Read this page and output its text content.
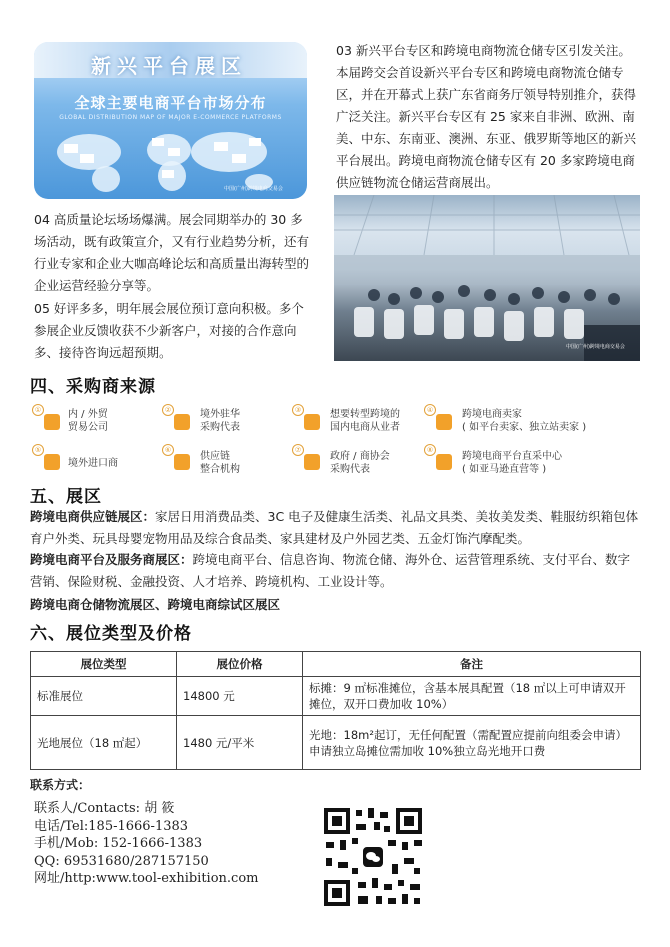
新兴平台展区
全球主要电商平台市场分布
GLOBAL DISTRIBUTION MAP OF MAJOR E-COMMERCE PLATFORMS
中国(广州)跨境电商交易会
03 新兴平台专区和跨境电商物流仓储专区引发关注。本届跨交会首设新兴平台专区和跨境电商物流仓储专区，并在开幕式上获广东省商务厅领导特别推介，获得广泛关注。新兴平台专区有 25 家来自非洲、欧洲、南美、中东、东南亚、澳洲、东亚、俄罗斯等地区的新兴平台展出。跨境电商物流仓储专区有 20 多家跨境电商供应链物流仓储运营商展出。
中国(广州)跨境电商交易会
04 高质量论坛场场爆满。展会同期举办的 30 多场活动，既有政策宣介，又有行业趋势分析，还有行业专家和企业大咖高峰论坛和高质量出海转型的企业运营经验分享等。
05 好评多多，明年展会展位预订意向积极。多个参展企业反馈收获不少新客户，对接的合作意向多、接待咨询远超预期。
四、采购商来源
①	内 / 外贸
贸易公司
②	境外驻华
采购代表
③	想要转型跨境的
国内电商从业者
④	跨境电商卖家
( 如平台卖家、独立站卖家 )
⑤
境外进口商
⑥
供应链
整合机构
⑦
政府 / 商协会
采购代表
⑧
跨境电商平台直采中心
( 如亚马逊直营等 )
五、展区
跨境电商供应链展区：家居日用消费品类、3C 电子及健康生活类、礼品文具类、美妆美发类、鞋服纺织箱包体育户外类、玩具母婴宠物用品及综合食品类、家具建材及户外园艺类、五金灯饰汽摩配类。
跨境电商平台及服务商展区：跨境电商平台、信息咨询、物流仓储、海外仓、运营管理系统、支付平台、数字营销、保险财税、金融投资、人才培养、跨境机构、工业设计等。
跨境电商仓储物流展区、跨境电商综试区展区
六、展位类型及价格
展位类型	展位价格	备注
标准展位	14800 元	标摊：9 ㎡标准摊位，含基本展具配置（18 ㎡以上可申请双开摊位，双开口费加收 10%）
光地展位（18 ㎡起）	1480 元/平米	光地：18m²起订，无任何配置（需配置应提前向组委会申请）申请独立岛摊位需加收 10%独立岛光地开口费
联系方式：
联系人/Contacts: 胡 筱
电话/Tel:185-1666-1383
手机/Mob: 152-1666-1383
QQ: 69531680/287157150
网址/http:www.tool-exhibition.com
